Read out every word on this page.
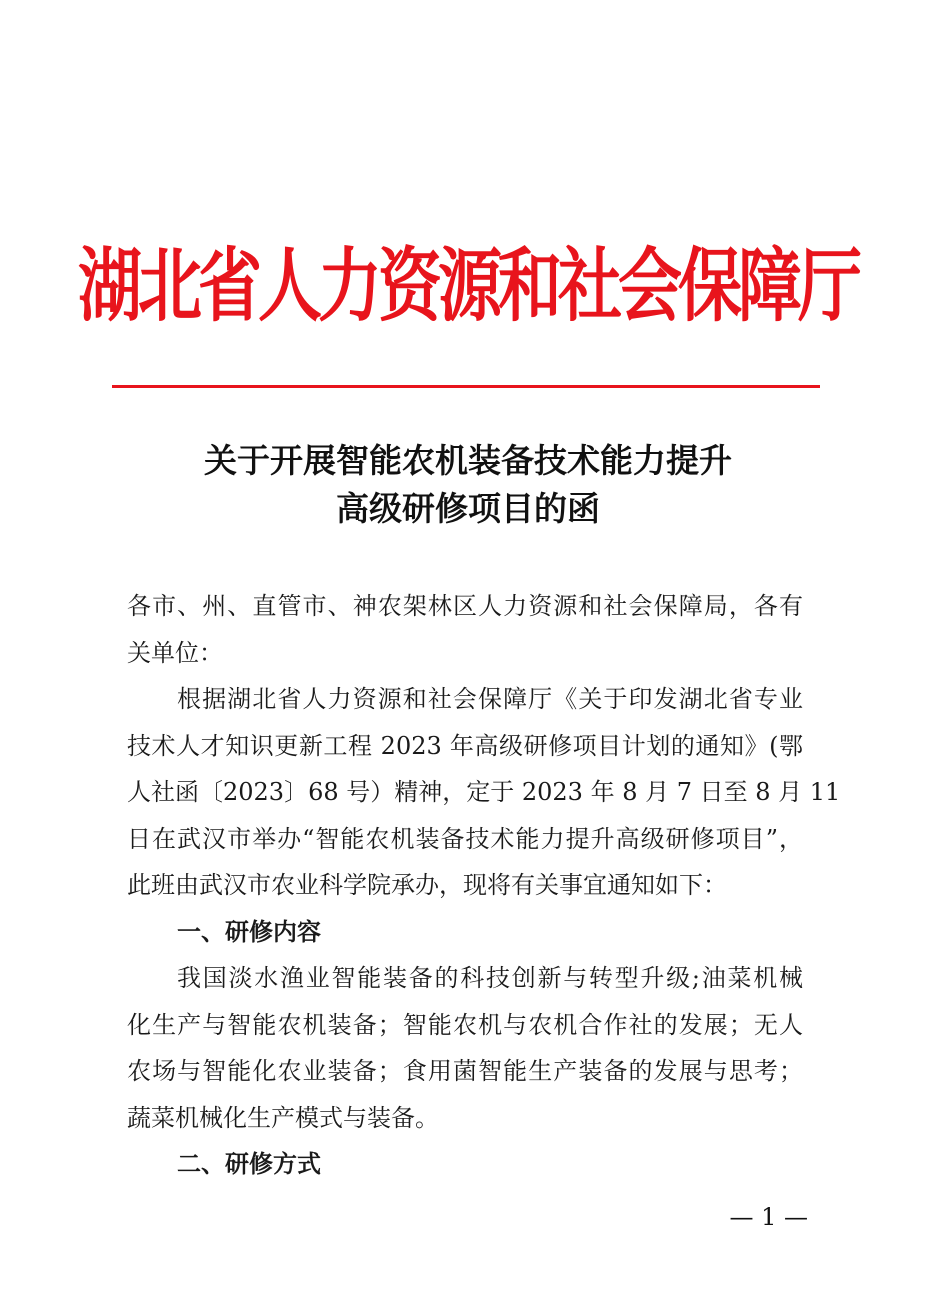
湖北省人力资源和社会保障厅
关于开展智能农机装备技术能力提升
高级研修项目的函
各市、州、直管市、神农架林区人力资源和社会保障局，各有
关单位：
根据湖北省人力资源和社会保障厅《关于印发湖北省专业
技术人才知识更新工程 2023 年高级研修项目计划的通知》(鄂
人社函〔2023〕68 号）精神，定于 2023 年 8 月 7 日至 8 月 11
日在武汉市举办“智能农机装备技术能力提升高级研修项目”，
此班由武汉市农业科学院承办，现将有关事宜通知如下：
一、研修内容
我国淡水渔业智能装备的科技创新与转型升级;油菜机械
化生产与智能农机装备；智能农机与农机合作社的发展；无人
农场与智能化农业装备；食用菌智能生产装备的发展与思考；
蔬菜机械化生产模式与装备。
二、研修方式
— 1 —
